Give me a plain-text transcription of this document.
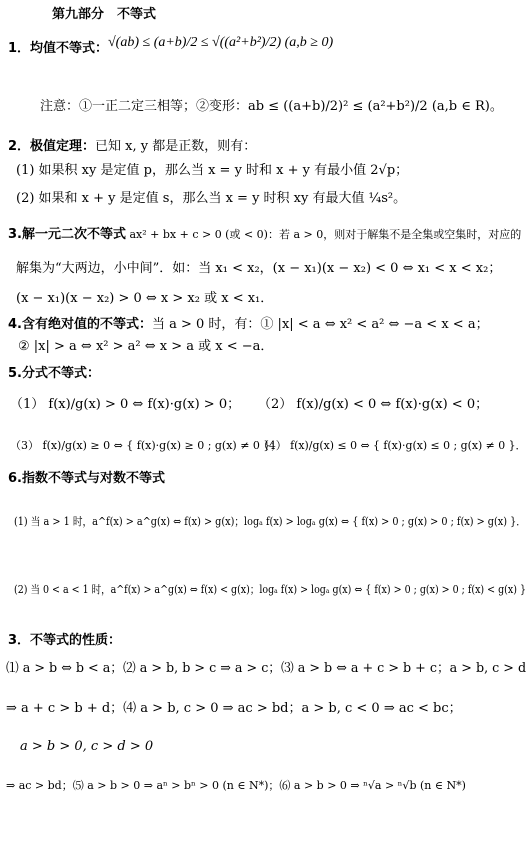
第九部分　不等式
1．均值不等式： √(ab) ≤ (a+b)/2 ≤ √((a²+b²)/2) (a,b ≥ 0)
注意：①一正二定三相等；②变形：ab ≤ ((a+b)/2)² ≤ (a²+b²)/2 (a,b ∈ R)。
2．极值定理：已知 x, y 都是正数，则有：
(1) 如果积 xy 是定值 p，那么当 x = y 时和 x + y 有最小值 2√p；
(2) 如果和 x + y 是定值 s，那么当 x = y 时积 xy 有最大值 ¼s²。
3.解一元二次不等式 ax² + bx + c > 0 (或 < 0)：若 a > 0，则对于解集不是全集或空集时，对应的
解集为“大两边，小中间”．如：当 x₁ < x₂，(x − x₁)(x − x₂) < 0 ⇔ x₁ < x < x₂；
(x − x₁)(x − x₂) > 0 ⇔ x > x₂ 或 x < x₁．
4.含有绝对值的不等式：当 a > 0 时，有：① |x| < a ⇔ x² < a² ⇔ −a < x < a；
② |x| > a ⇔ x² > a² ⇔ x > a 或 x < −a．
5.分式不等式：
（1） f(x)/g(x) > 0 ⇔ f(x)·g(x) > 0； （2） f(x)/g(x) < 0 ⇔ f(x)·g(x) < 0；
（3） f(x)/g(x) ≥ 0 ⇔ { f(x)·g(x) ≥ 0 ; g(x) ≠ 0 }；
（4） f(x)/g(x) ≤ 0 ⇔ { f(x)·g(x) ≤ 0 ; g(x) ≠ 0 }．
6.指数不等式与对数不等式
(1) 当 a > 1 时，a^f(x) > a^g(x) ⇔ f(x) > g(x)；logₐ f(x) > logₐ g(x) ⇔ { f(x) > 0 ; g(x) > 0 ; f(x) > g(x) }．
(2) 当 0 < a < 1 时，a^f(x) > a^g(x) ⇔ f(x) < g(x)；logₐ f(x) > logₐ g(x) ⇔ { f(x) > 0 ; g(x) > 0 ; f(x) < g(x) }
3．不等式的性质：
⑴ a > b ⇔ b < a；⑵ a > b, b > c ⇒ a > c；⑶ a > b ⇔ a + c > b + c；a > b, c > d
⇒ a + c > b + d；⑷ a > b, c > 0 ⇒ ac > bd；a > b, c < 0 ⇒ ac < bc；
a > b > 0, c > d > 0
⇒ ac > bd；⑸ a > b > 0 ⇒ aⁿ > bⁿ > 0 (n ∈ N*)；⑹ a > b > 0 ⇒ ⁿ√a > ⁿ√b (n ∈ N*)
